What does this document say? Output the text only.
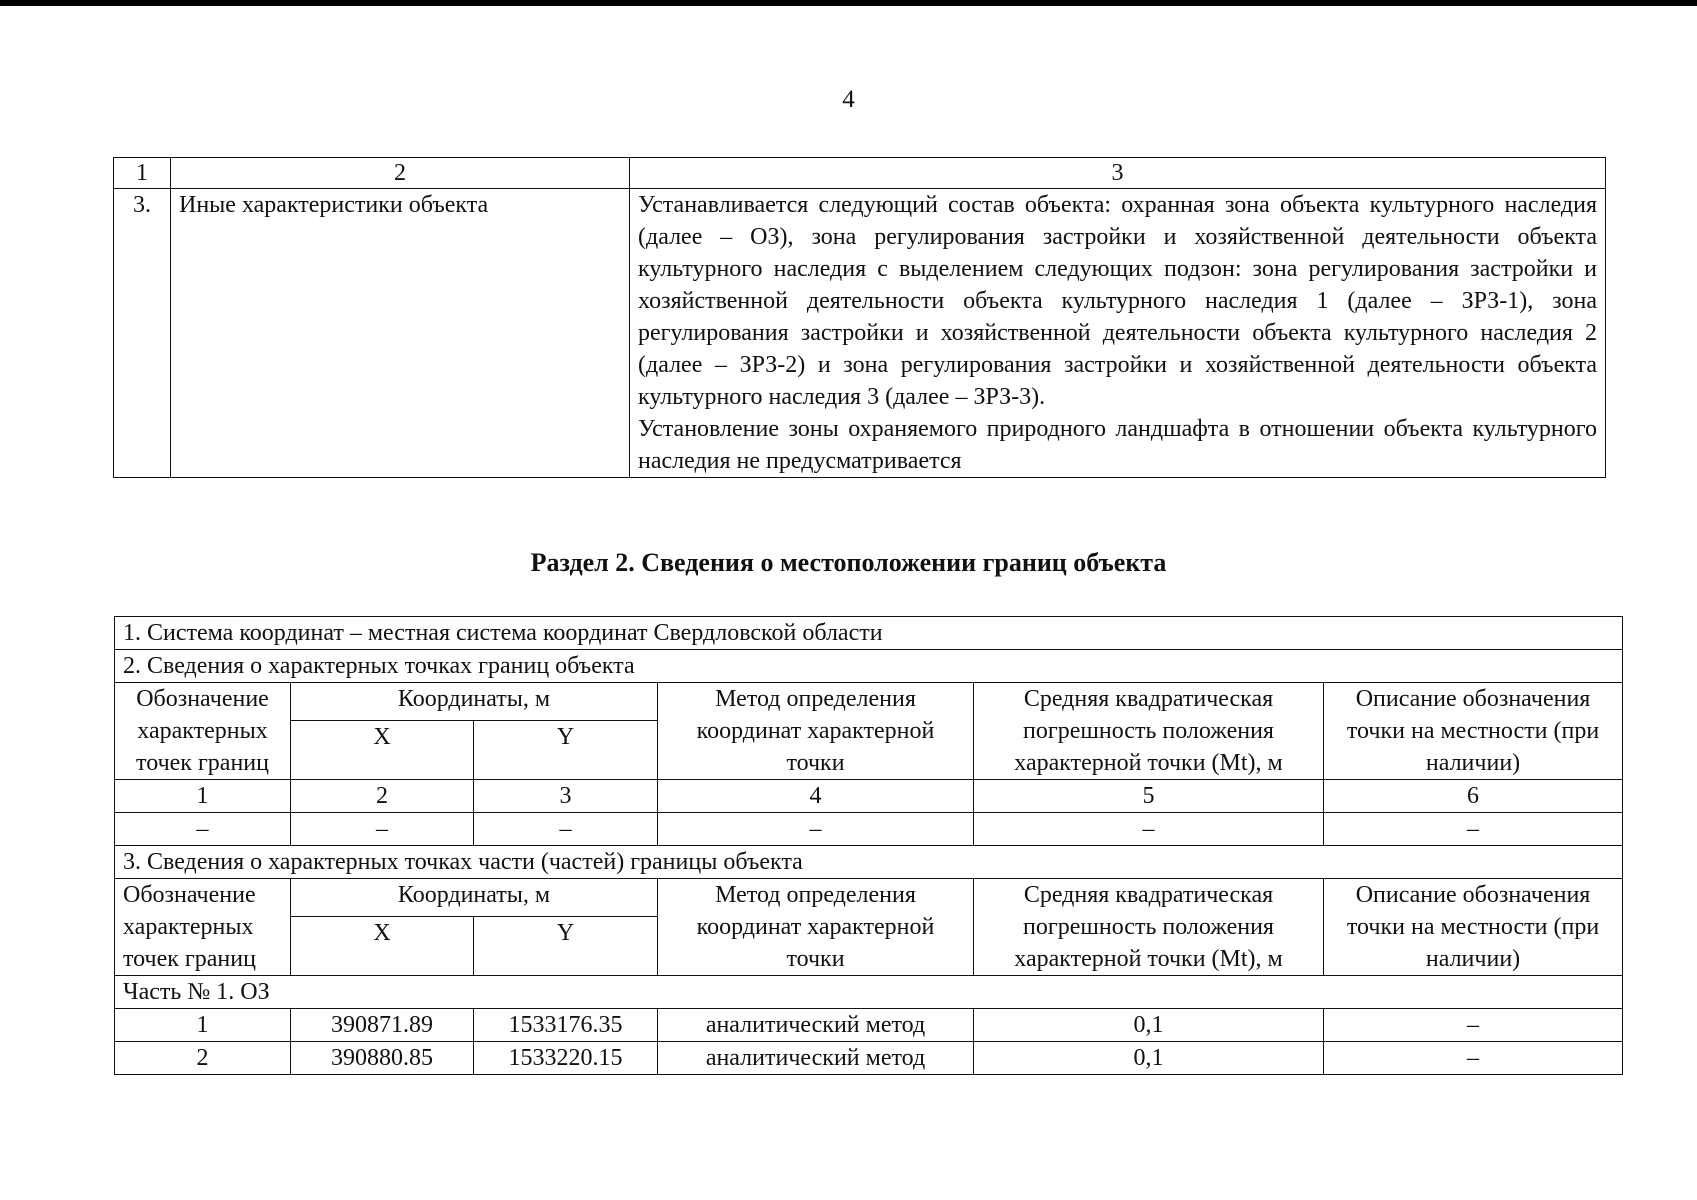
4
1	2	3
3.	Иные характеристики объекта	Устанавливается следующий состав объекта: охранная зона объекта культурного наследия (далее – ОЗ), зона регулирования застройки и хозяйственной деятельности объекта культурного наследия с выделением следующих подзон: зона регулирования застройки и хозяйственной деятельности объекта культурного наследия 1 (далее – ЗРЗ-1), зона регулирования застройки и хозяйственной деятельности объекта культурного наследия 2 (далее – ЗРЗ-2) и зона регулирования застройки и хозяйственной деятельности объекта культурного наследия 3 (далее – ЗРЗ-3).

Установление зоны охраняемого природного ландшафта в отношении объекта культурного наследия не предусматривается

Раздел 2. Сведения о местоположении границ объекта
1. Система координат – местная система координат Свердловской области					
2. Сведения о характерных точках границ объекта					
Обозначение характерных точек границ	Координаты, м		Метод определения координат характерной точки	Средняя квадратическая погрешность положения характерной точки (Mt), м	Описание обозначения точки на местности (при наличии)
	X	Y			
1	2	3	4	5	6
–	–	–	–	–	–
3. Сведения о характерных точках части (частей) границы объекта					
Обозначение характерных точек границ	Координаты, м		Метод определения координат характерной точки	Средняя квадратическая погрешность положения характерной точки (Mt), м	Описание обозначения точки на местности (при наличии)
	X	Y			
Часть № 1. ОЗ					
1	390871.89	1533176.35	аналитический метод	0,1	–
2	390880.85	1533220.15	аналитический метод	0,1	–
